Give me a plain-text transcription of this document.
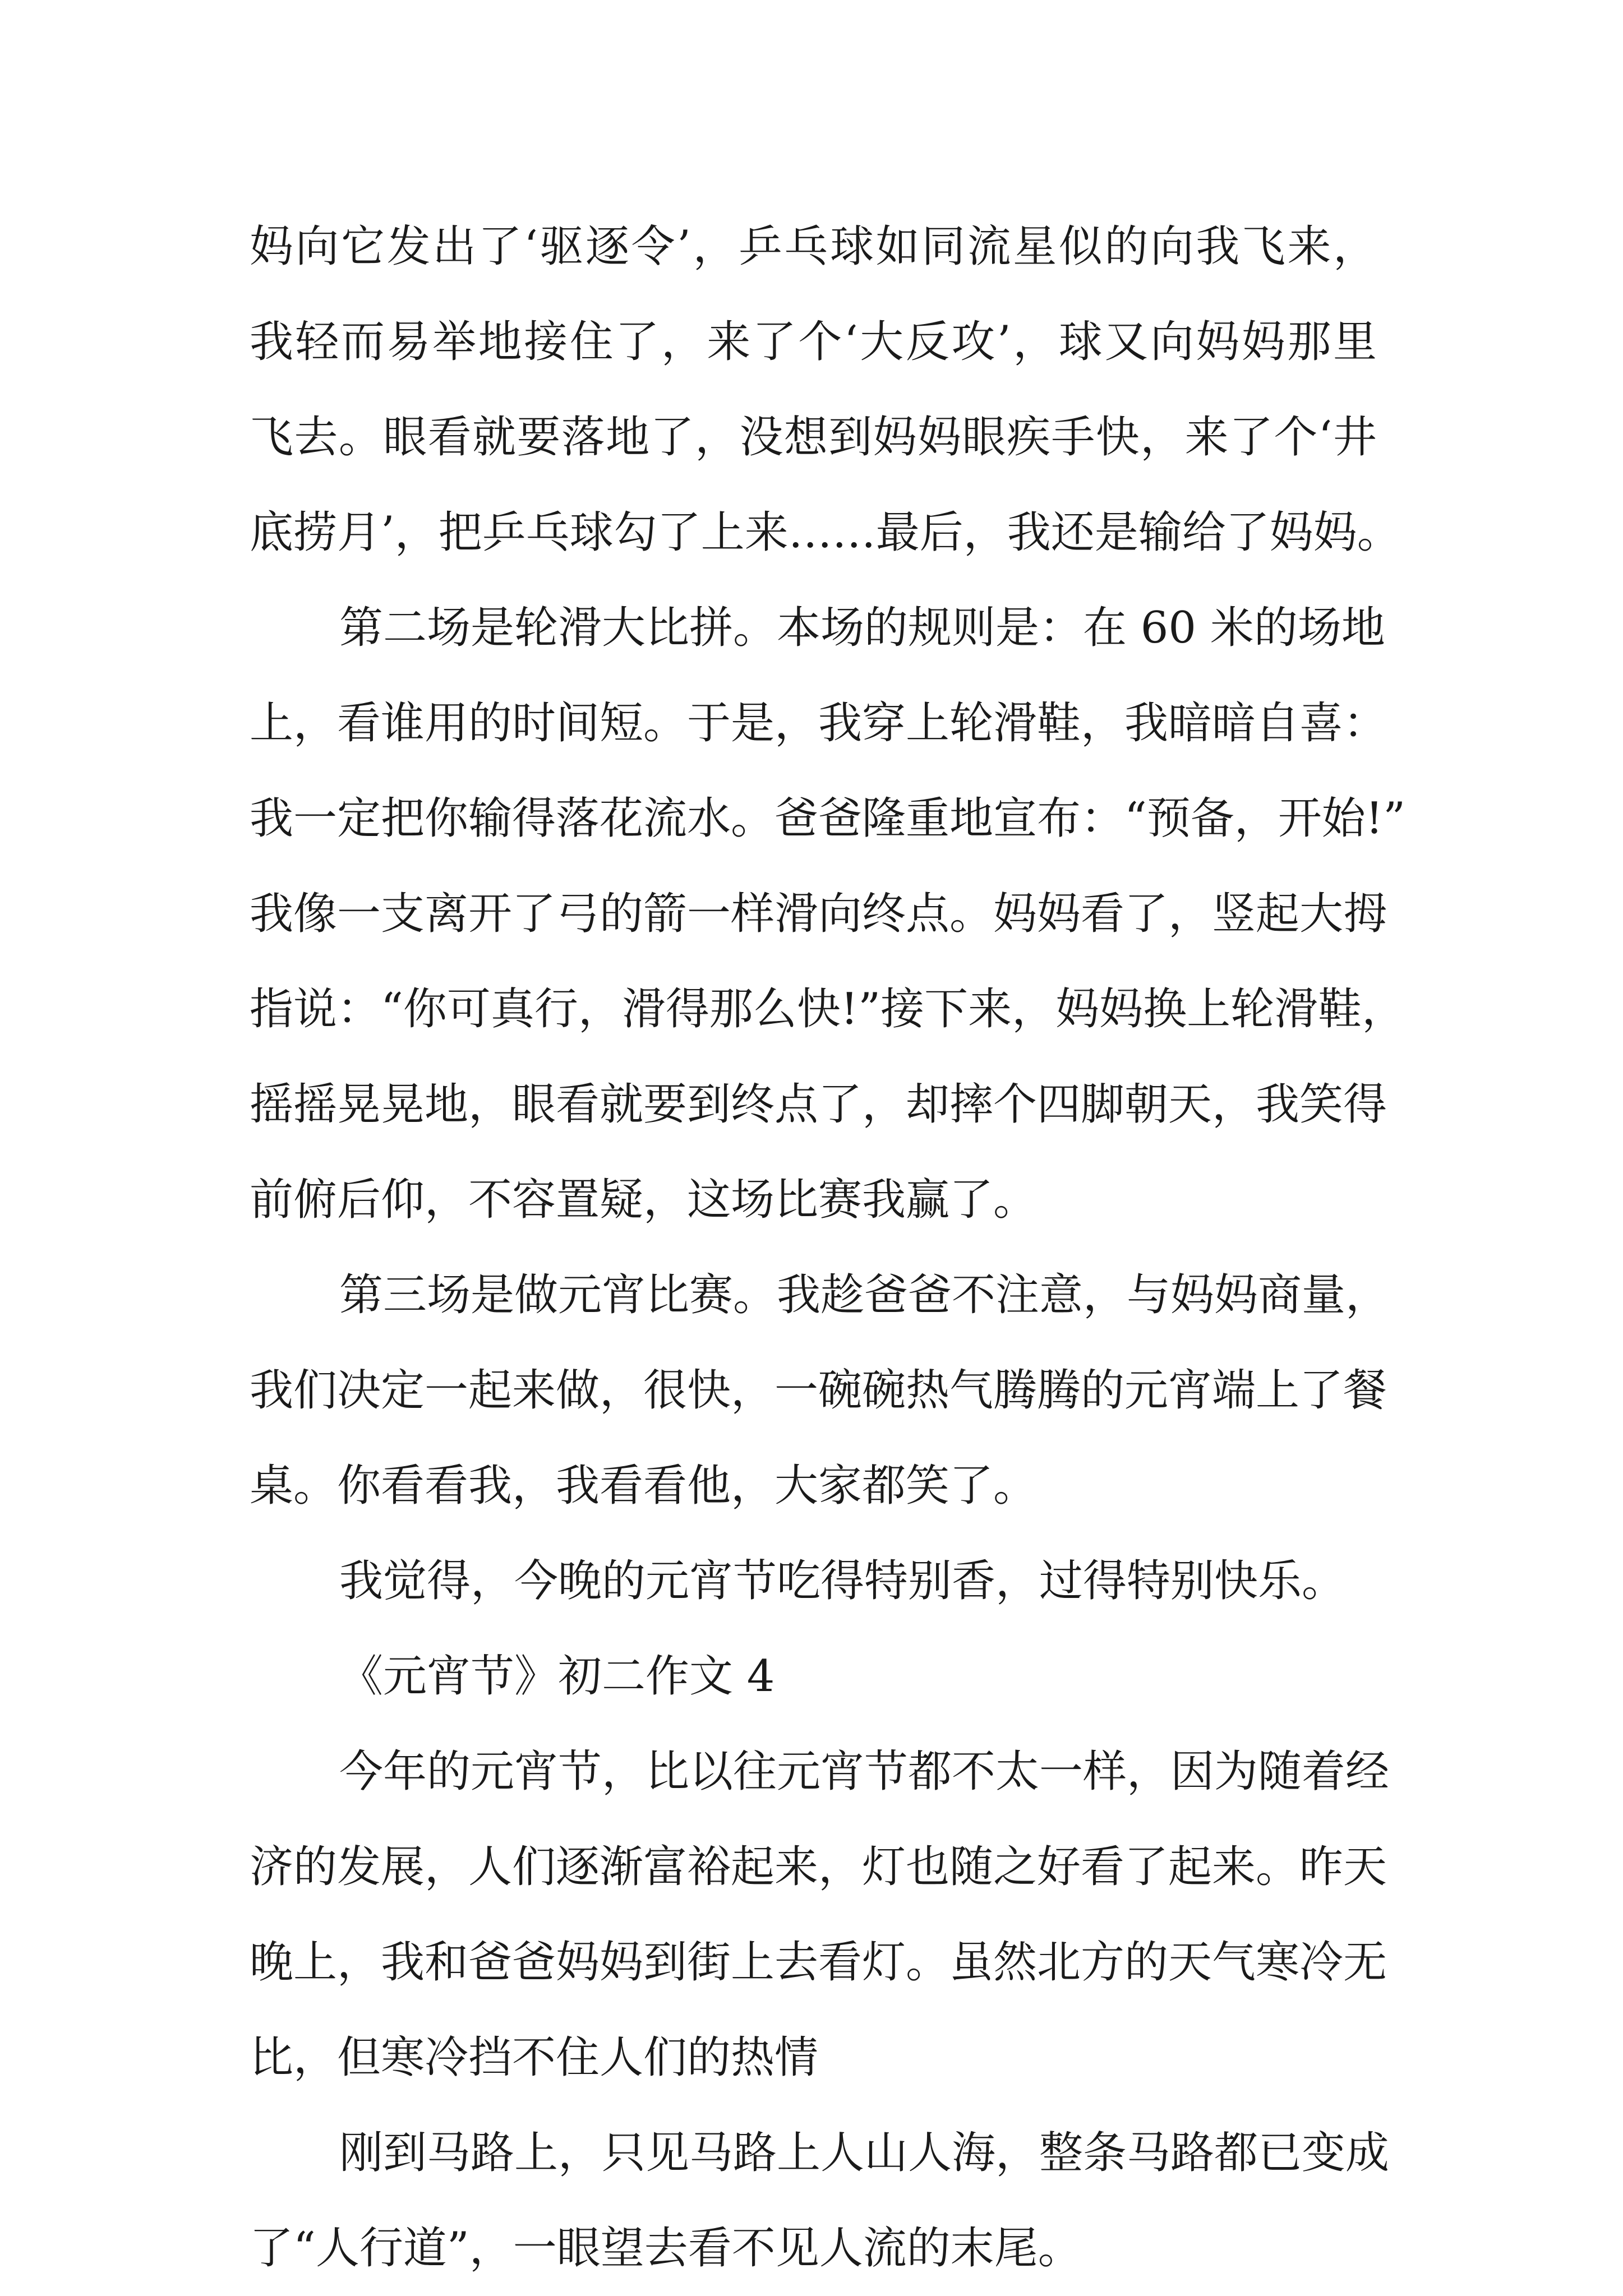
妈向它发出了‘驱逐令’，乒乓球如同流星似的向我飞来，
我轻而易举地接住了，来了个‘大反攻’，球又向妈妈那里
飞去。眼看就要落地了，没想到妈妈眼疾手快，来了个‘井
底捞月’，把乒乓球勾了上来……最后，我还是输给了妈妈。
第二场是轮滑大比拼。本场的规则是：在 60 米的场地
上，看谁用的时间短。于是，我穿上轮滑鞋，我暗暗自喜：
我一定把你输得落花流水。爸爸隆重地宣布：“预备，开始!”
我像一支离开了弓的箭一样滑向终点。妈妈看了，竖起大拇
指说：“你可真行，滑得那么快!”接下来，妈妈换上轮滑鞋，
摇摇晃晃地，眼看就要到终点了，却摔个四脚朝天，我笑得
前俯后仰，不容置疑，这场比赛我赢了。
第三场是做元宵比赛。我趁爸爸不注意，与妈妈商量，
我们决定一起来做，很快，一碗碗热气腾腾的元宵端上了餐
桌。你看看我，我看看他，大家都笑了。
我觉得，今晚的元宵节吃得特别香，过得特别快乐。
《元宵节》初二作文 4
今年的元宵节，比以往元宵节都不太一样，因为随着经
济的发展，人们逐渐富裕起来，灯也随之好看了起来。昨天
晚上，我和爸爸妈妈到街上去看灯。虽然北方的天气寒冷无
比，但寒冷挡不住人们的热情
刚到马路上，只见马路上人山人海，整条马路都已变成
了“人行道”，一眼望去看不见人流的末尾。
